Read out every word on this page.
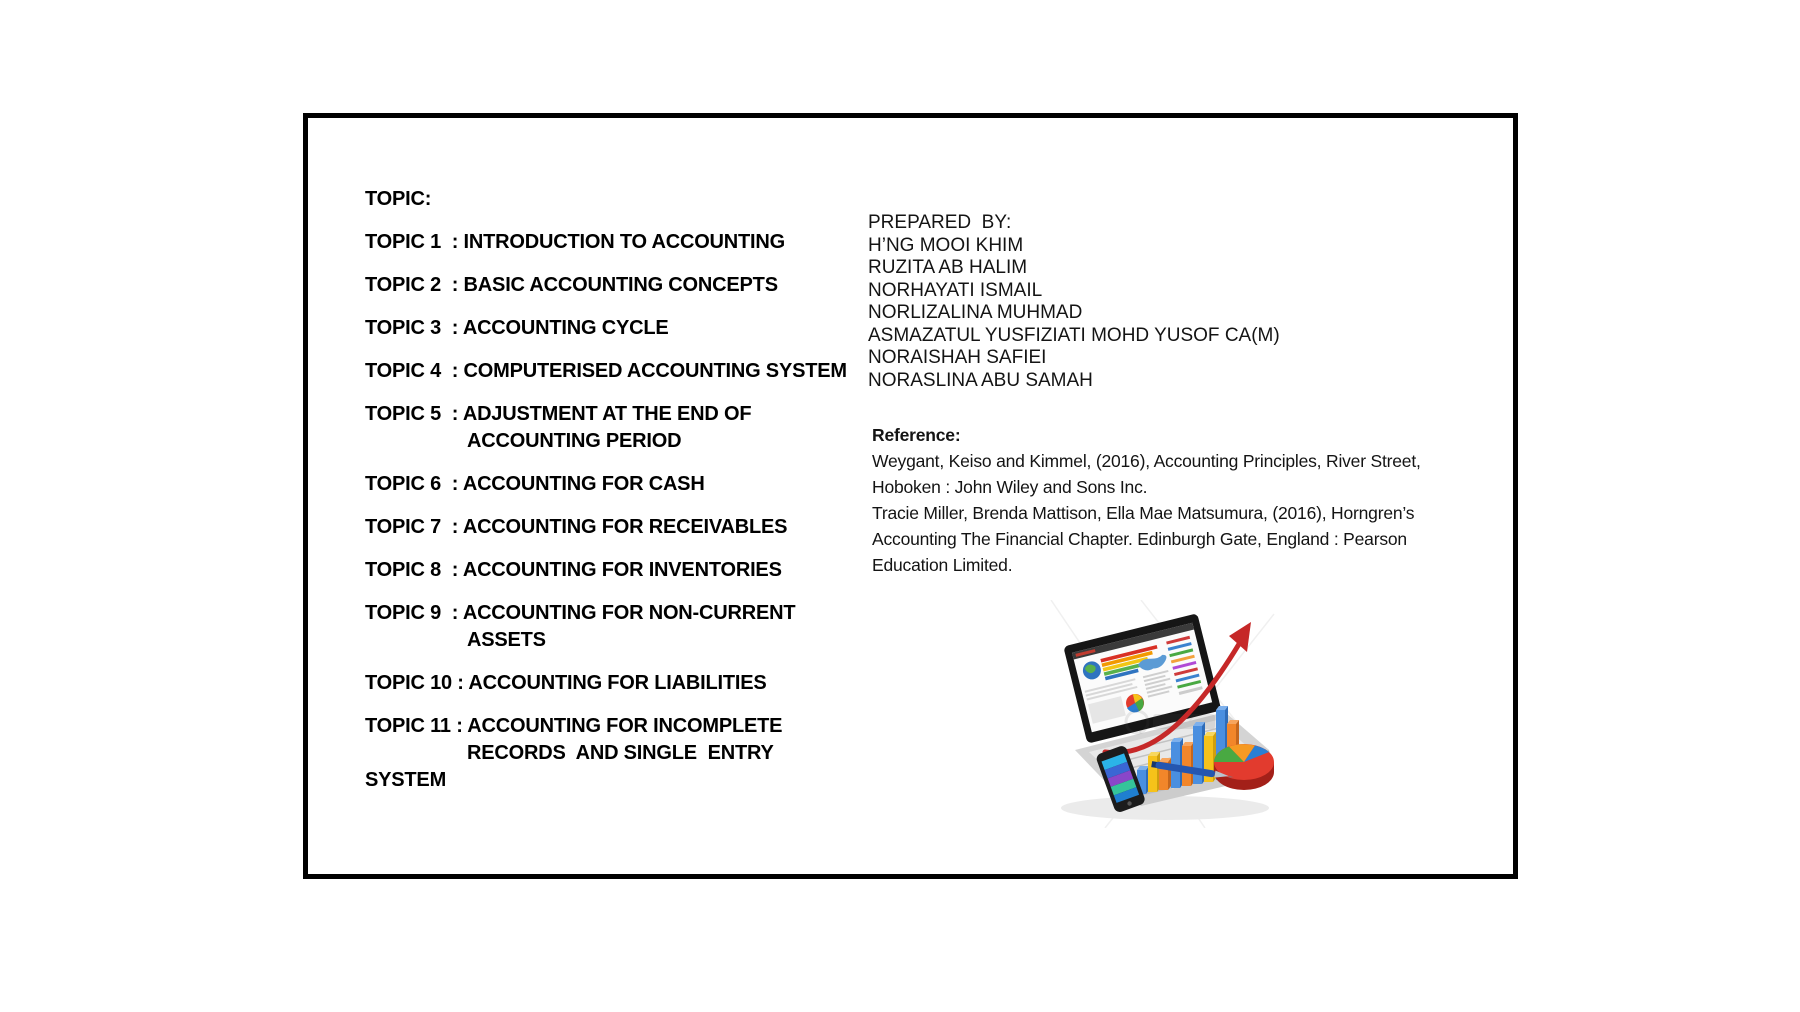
TOPIC:
TOPIC 1  : INTRODUCTION TO ACCOUNTING
TOPIC 2  : BASIC ACCOUNTING CONCEPTS
TOPIC 3  : ACCOUNTING CYCLE
TOPIC 4  : COMPUTERISED ACCOUNTING SYSTEM
TOPIC 5  : ADJUSTMENT AT THE END OF
ACCOUNTING PERIOD
TOPIC 6  : ACCOUNTING FOR CASH
TOPIC 7  : ACCOUNTING FOR RECEIVABLES
TOPIC 8  : ACCOUNTING FOR INVENTORIES
TOPIC 9  : ACCOUNTING FOR NON-CURRENT
ASSETS
TOPIC 10 : ACCOUNTING FOR LIABILITIES
TOPIC 11 : ACCOUNTING FOR INCOMPLETE
RECORDS  AND SINGLE  ENTRY
SYSTEM
PREPARED  BY:
H’NG MOOI KHIM
RUZITA AB HALIM
NORHAYATI ISMAIL
NORLIZALINA MUHMAD
ASMAZATUL YUSFIZIATI MOHD YUSOF CA(M)
NORAISHAH SAFIEI
NORASLINA ABU SAMAH
Reference:
Weygant, Keiso and Kimmel, (2016), Accounting Principles, River Street,
Hoboken : John Wiley and Sons Inc.
Tracie Miller, Brenda Mattison, Ella Mae Matsumura, (2016), Horngren’s
Accounting The Financial Chapter. Edinburgh Gate, England : Pearson
Education Limited.
